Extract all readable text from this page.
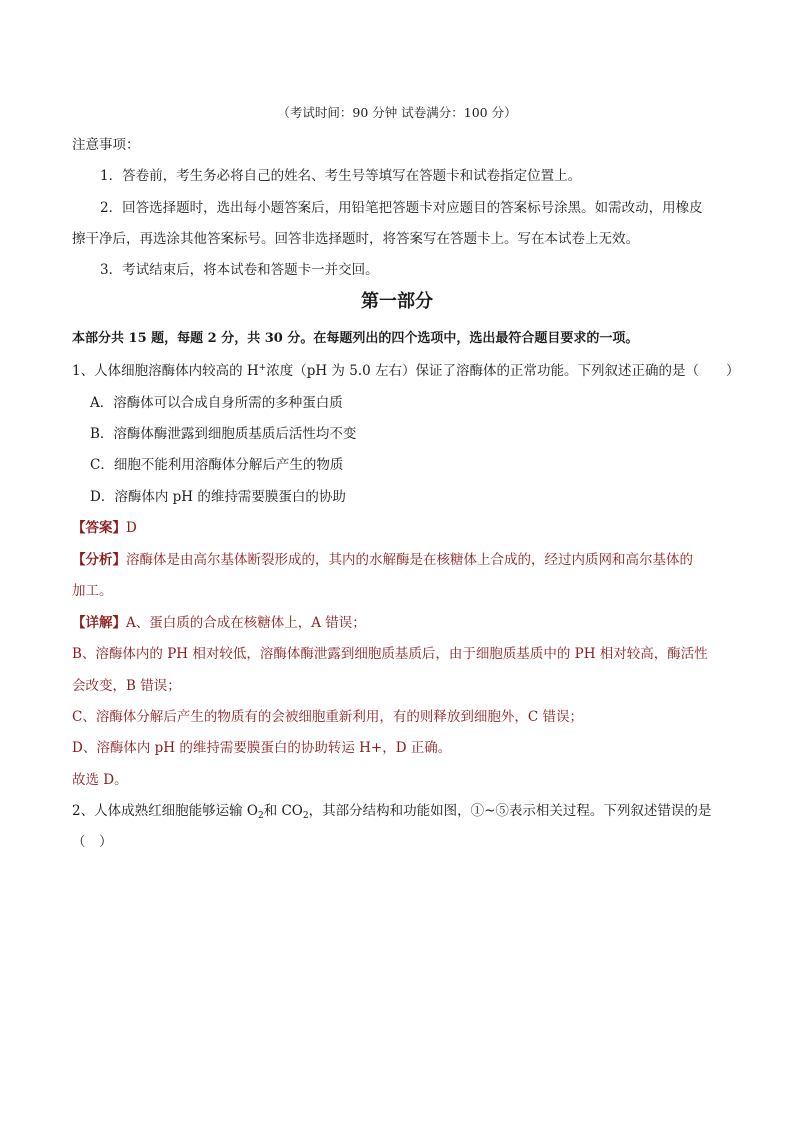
（考试时间：90 分钟 试卷满分：100 分）
注意事项：
1．答卷前，考生务必将自己的姓名、考生号等填写在答题卡和试卷指定位置上。
2．回答选择题时，选出每小题答案后，用铅笔把答题卡对应题目的答案标号涂黑。如需改动，用橡皮
擦干净后，再选涂其他答案标号。回答非选择题时，将答案写在答题卡上。写在本试卷上无效。
3．考试结束后，将本试卷和答题卡一并交回。
第一部分
本部分共 15 题，每题 2 分，共 30 分。在每题列出的四个选项中，选出最符合题目要求的一项。
1、人体细胞溶酶体内较高的 H+浓度（pH 为 5.0 左右）保证了溶酶体的正常功能。下列叙述正确的是（　　）
A．溶酶体可以合成自身所需的多种蛋白质
B．溶酶体酶泄露到细胞质基质后活性均不变
C．细胞不能利用溶酶体分解后产生的物质
D．溶酶体内 pH 的维持需要膜蛋白的协助
【答案】D
【分析】溶酶体是由高尔基体断裂形成的，其内的水解酶是在核糖体上合成的，经过内质网和高尔基体的
加工。
【详解】A、蛋白质的合成在核糖体上，A 错误；
B、溶酶体内的 PH 相对较低，溶酶体酶泄露到细胞质基质后，由于细胞质基质中的 PH 相对较高，酶活性
会改变，B 错误；
C、溶酶体分解后产生的物质有的会被细胞重新利用，有的则释放到细胞外，C 错误；
D、溶酶体内 pH 的维持需要膜蛋白的协助转运 H+，D 正确。
故选 D。
2、人体成熟红细胞能够运输 $O_2$和 $CO_2$，其部分结构和功能如图，①~⑤表示相关过程。下列叙述错误的是
（　）
